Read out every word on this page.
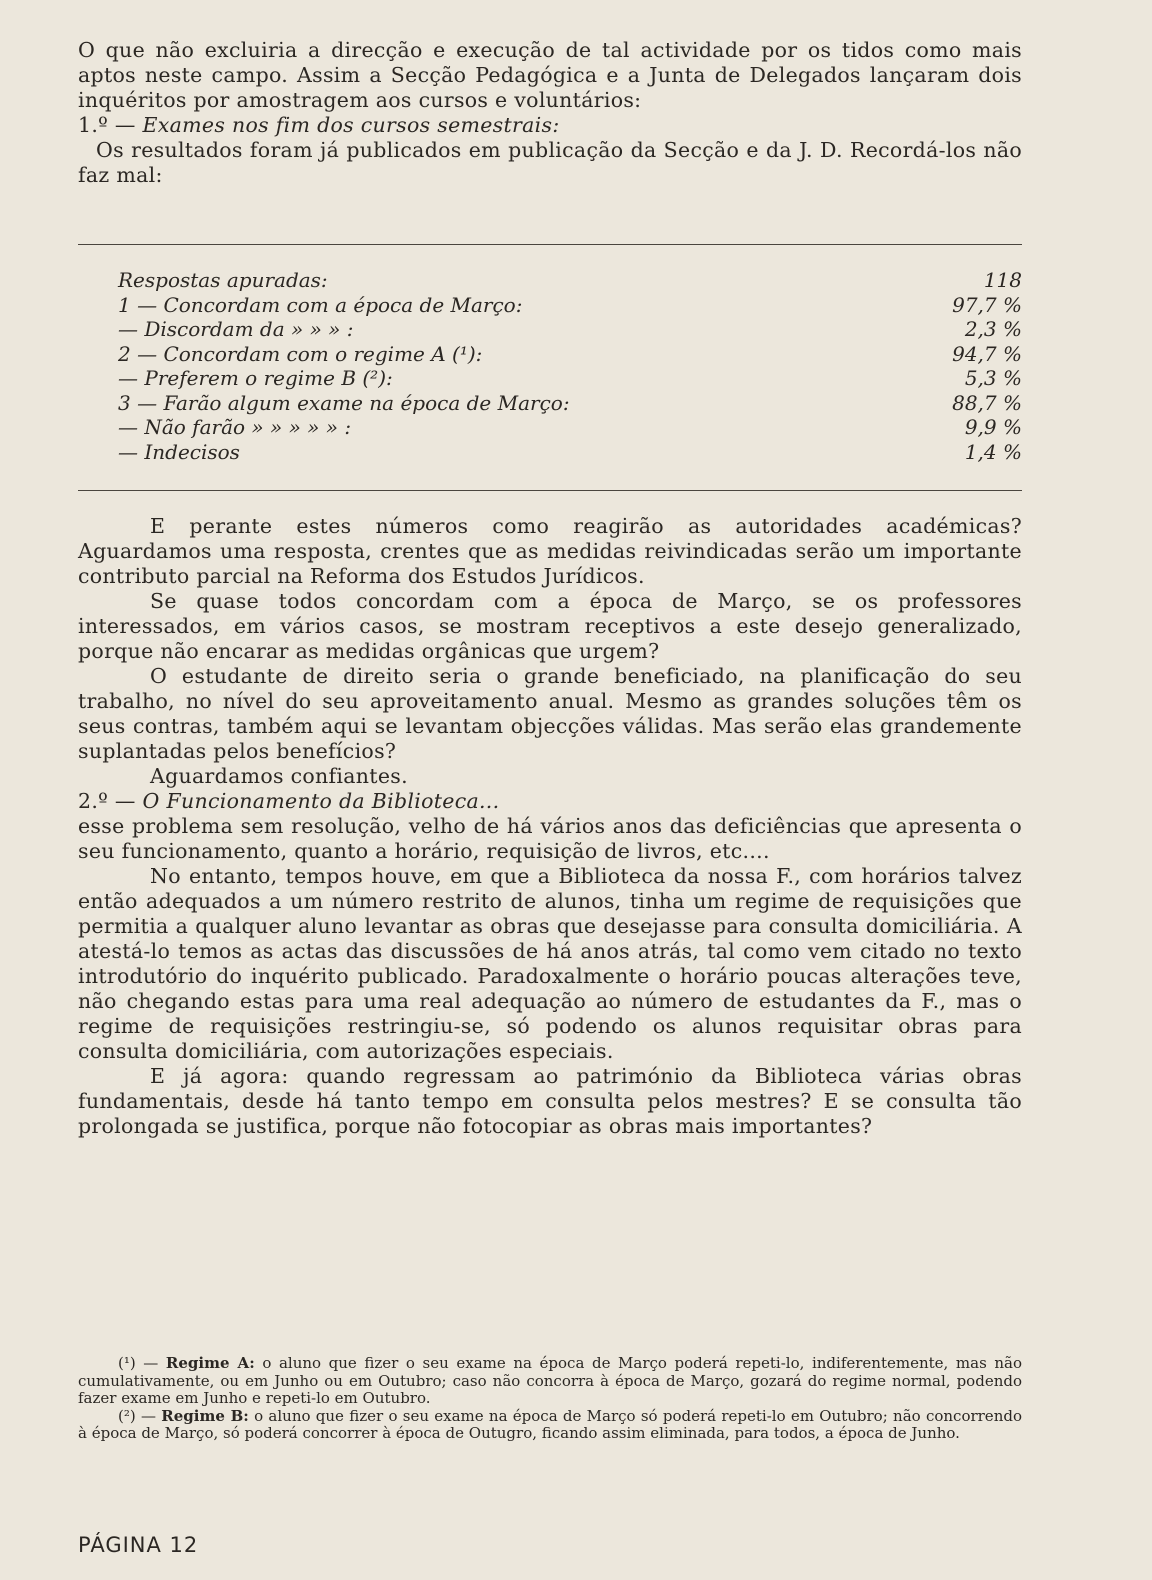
O que não excluiria a direcção e execução de tal actividade por os tidos como mais aptos neste campo. Assim a Secção Pedagógica e a Junta de Delegados lançaram dois inquéritos por amostragem aos cursos e voluntários:

1.º — Exames nos fim dos cursos semestrais:

Os resultados foram já publicados em publicação da Secção e da J. D. Recordá-los não faz mal:

Respostas apuradas:	118
1 — Concordam com a época de Março:	97,7 %
— Discordam da » » » :	2,3 %
2 — Concordam com o regime A (¹):	94,7 %
— Preferem o regime B (²):	5,3 %
3 — Farão algum exame na época de Março:	88,7 %
— Não farão » » » » » :	9,9 %
— Indecisos	1,4 %

E perante estes números como reagirão as autoridades académicas? Aguardamos uma resposta, crentes que as medidas reivindicadas serão um importante contributo parcial na Reforma dos Estudos Jurídicos.

Se quase todos concordam com a época de Março, se os professores interessados, em vários casos, se mostram receptivos a este desejo generalizado, porque não encarar as medidas orgânicas que urgem?

O estudante de direito seria o grande beneficiado, na planificação do seu trabalho, no nível do seu aproveitamento anual. Mesmo as grandes soluções têm os seus contras, também aqui se levantam objecções válidas. Mas serão elas grandemente suplantadas pelos benefícios?

Aguardamos confiantes.

2.º — O Funcionamento da Biblioteca...

esse problema sem resolução, velho de há vários anos das deficiências que apresenta o seu funcionamento, quanto a horário, requisição de livros, etc....

No entanto, tempos houve, em que a Biblioteca da nossa F., com horários talvez então adequados a um número restrito de alunos, tinha um regime de requisições que permitia a qualquer aluno levantar as obras que desejasse para consulta domiciliária. A atestá-lo temos as actas das discussões de há anos atrás, tal como vem citado no texto introdutório do inquérito publicado. Paradoxalmente o horário poucas alterações teve, não chegando estas para uma real adequação ao número de estudantes da F., mas o regime de requisições restringiu-se, só podendo os alunos requisitar obras para consulta domiciliária, com autorizações especiais.

E já agora: quando regressam ao património da Biblioteca várias obras fundamentais, desde há tanto tempo em consulta pelos mestres? E se consulta tão prolongada se justifica, porque não fotocopiar as obras mais importantes?

(¹) — Regime A: o aluno que fizer o seu exame na época de Março poderá repeti-lo, indiferentemente, mas não cumulativamente, ou em Junho ou em Outubro; caso não concorra à época de Março, gozará do regime normal, podendo fazer exame em Junho e repeti-lo em Outubro.

(²) — Regime B: o aluno que fizer o seu exame na época de Março só poderá repeti-lo em Outubro; não concorrendo à época de Março, só poderá concorrer à época de Outugro, ficando assim eliminada, para todos, a época de Junho.

PÁGINA 12
